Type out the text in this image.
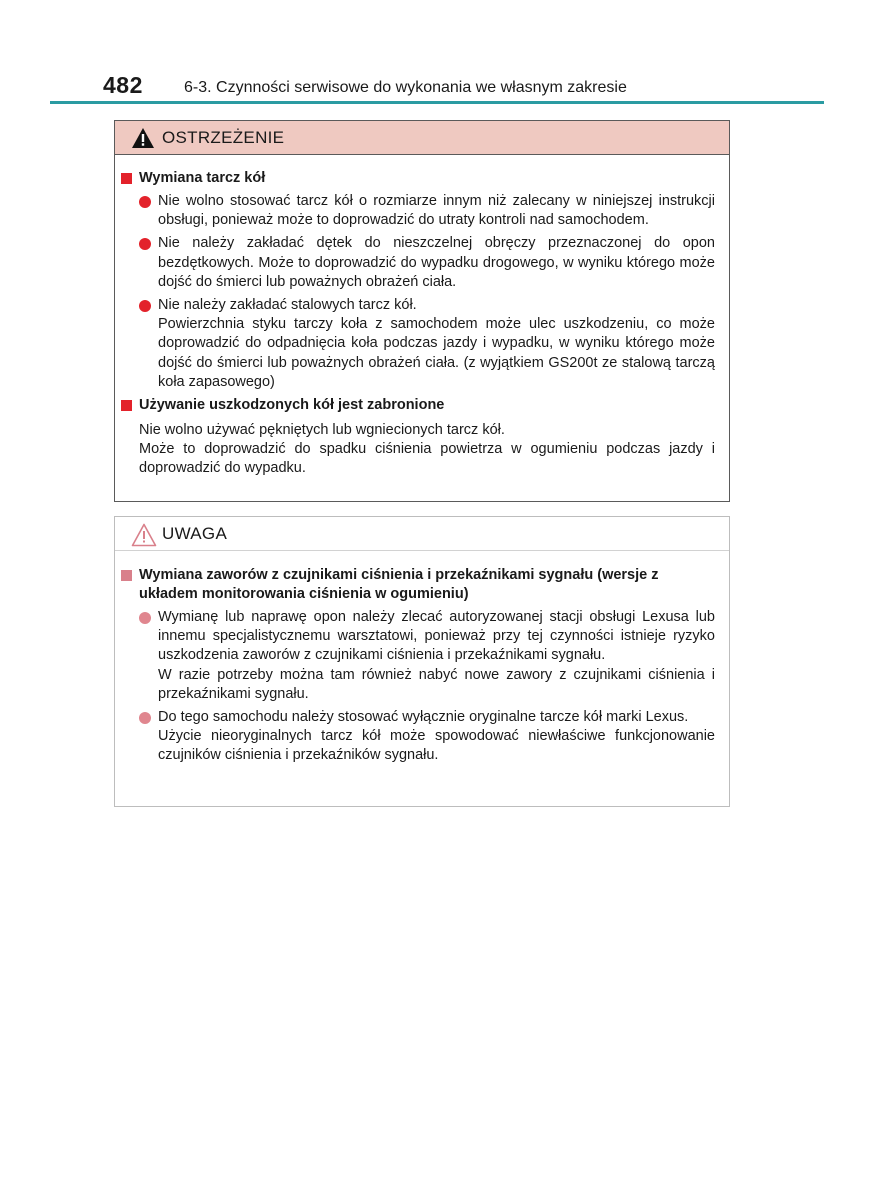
482	6-3. Czynności serwisowe do wykonania we własnym zakresie
OSTRZEŻENIE
Wymiana tarcz kół

Nie wolno stosować tarcz kół o rozmiarze innym niż zalecany w niniejszej instrukcji obsługi, ponieważ może to doprowadzić do utraty kontroli nad samochodem.

Nie należy zakładać dętek do nieszczelnej obręczy przeznaczonej do opon bezdętkowych. Może to doprowadzić do wypadku drogowego, w wyniku którego może dojść do śmierci lub poważnych obrażeń ciała.

Nie należy zakładać stalowych tarcz kół.

Powierzchnia styku tarczy koła z samochodem może ulec uszkodzeniu, co może doprowadzić do odpadnięcia koła podczas jazdy i wypadku, w wyniku którego może dojść do śmierci lub poważnych obrażeń ciała. (z wyjątkiem GS200t ze stalową tarczą koła zapasowego)

Używanie uszkodzonych kół jest zabronione

Nie wolno używać pękniętych lub wgniecionych tarcz kół.

Może to doprowadzić do spadku ciśnienia powietrza w ogumieniu podczas jazdy i doprowadzić do wypadku.

UWAGA
Wymiana zaworów z czujnikami ciśnienia i przekaźnikami sygnału (wersje z układem monitorowania ciśnienia w ogumieniu)

Wymianę lub naprawę opon należy zlecać autoryzowanej stacji obsługi Lexusa lub innemu specjalistycznemu warsztatowi, ponieważ przy tej czynności istnieje ryzyko uszkodzenia zaworów z czujnikami ciśnienia i przekaźnikami sygnału.

W razie potrzeby można tam również nabyć nowe zawory z czujnikami ciśnienia i przekaźnikami sygnału.

Do tego samochodu należy stosować wyłącznie oryginalne tarcze kół marki Lexus.

Użycie nieoryginalnych tarcz kół może spowodować niewłaściwe funkcjonowanie czujników ciśnienia i przekaźników sygnału.
